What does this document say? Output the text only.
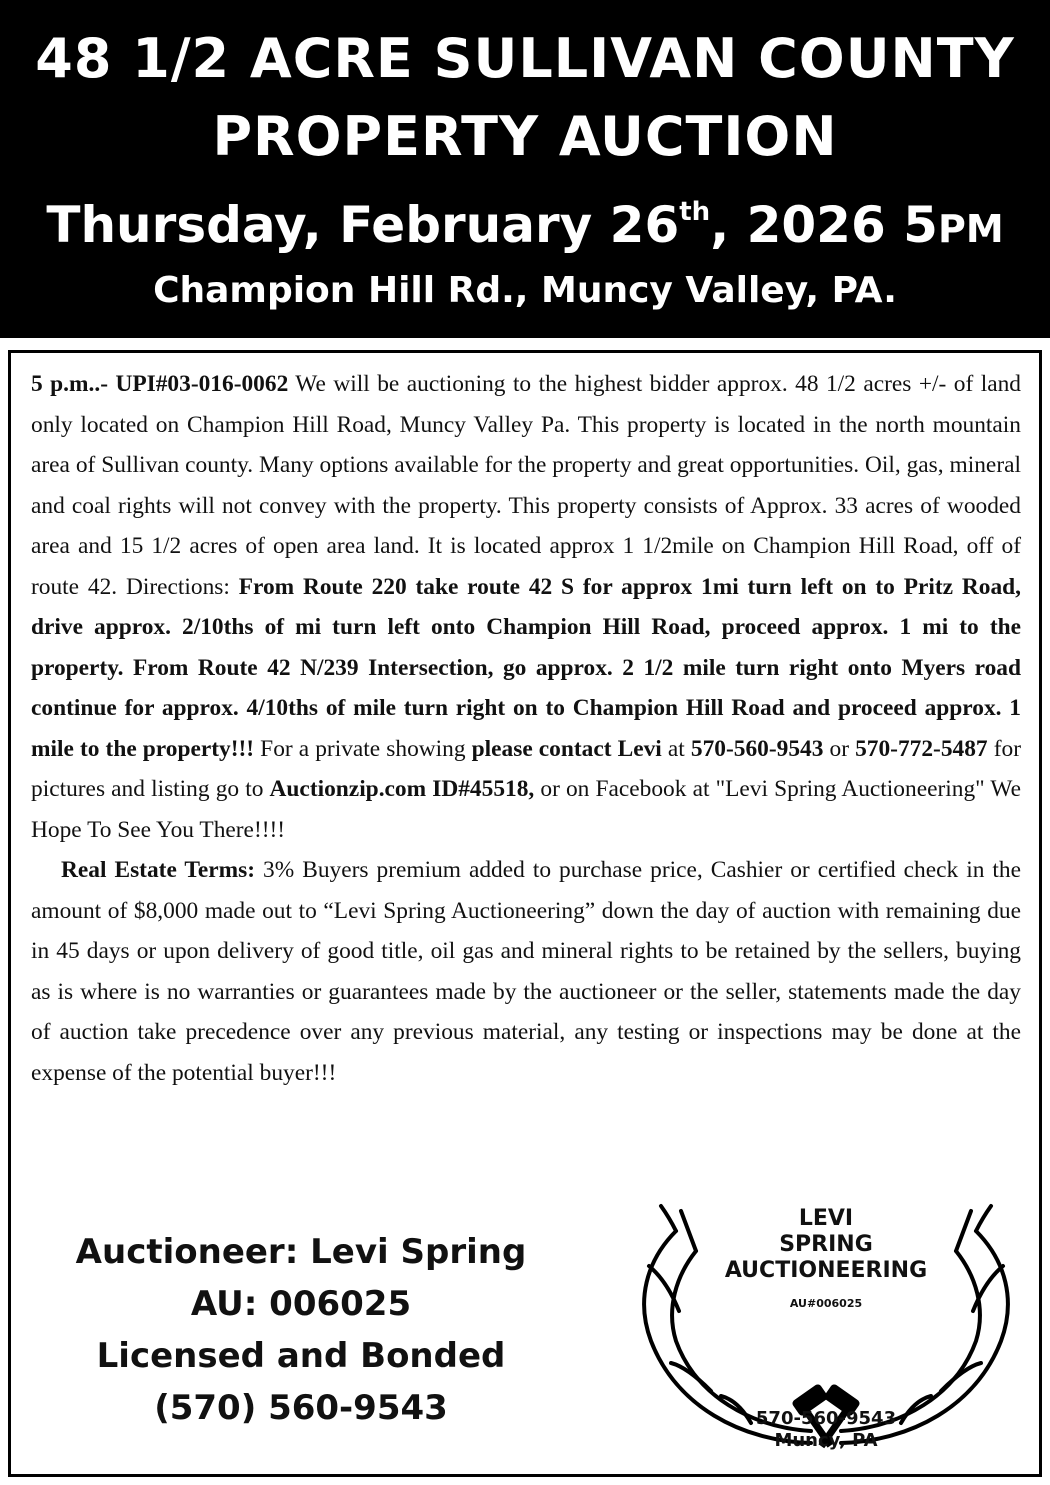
48 1/2 ACRE SULLIVAN COUNTY
PROPERTY AUCTION
Thursday, February 26th, 2026 5PM
Champion Hill Rd., Muncy Valley, PA.

5 p.m..- UPI#03-016-0062 We will be auctioning to the highest bidder approx. 48 1/2 acres +/- of land only located on Champion Hill Road, Muncy Valley Pa. This property is located in the north mountain area of Sullivan county. Many options available for the property and great opportunities. Oil, gas, mineral and coal rights will not convey with the property. This property consists of Approx. 33 acres of wooded area and 15 1/2 acres of open area land. It is located approx 1 1/2mile on Champion Hill Road, off of route 42. Directions: From Route 220 take route 42 S for approx 1mi turn left on to Pritz Road, drive approx. 2/10ths of mi turn left onto Champion Hill Road, proceed approx. 1 mi to the property. From Route 42 N/239 Intersection, go approx. 2 1/2 mile turn right onto Myers road continue for approx. 4/10ths of mile turn right on to Champion Hill Road and proceed approx. 1 mile to the property!!! For a private showing please contact Levi at 570-560-9543 or 570-772-5487 for pictures and listing go to Auctionzip.com ID#45518, or on Facebook at "Levi Spring Auctioneering" We Hope To See You There!!!!

Real Estate Terms: 3% Buyers premium added to purchase price, Cashier or certified check in the amount of $8,000 made out to “Levi Spring Auctioneering” down the day of auction with remaining due in 45 days or upon delivery of good title, oil gas and mineral rights to be retained by the sellers, buying as is where is no warranties or guarantees made by the auctioneer or the seller, statements made the day of auction take precedence over any previous material, any testing or inspections may be done at the expense of the potential buyer!!!

Auctioneer: Levi Spring
AU: 006025
Licensed and Bonded
(570) 560-9543
LEVI
SPRING
AUCTIONEERING
AU#006025
570-560-9543
Muncy, PA
